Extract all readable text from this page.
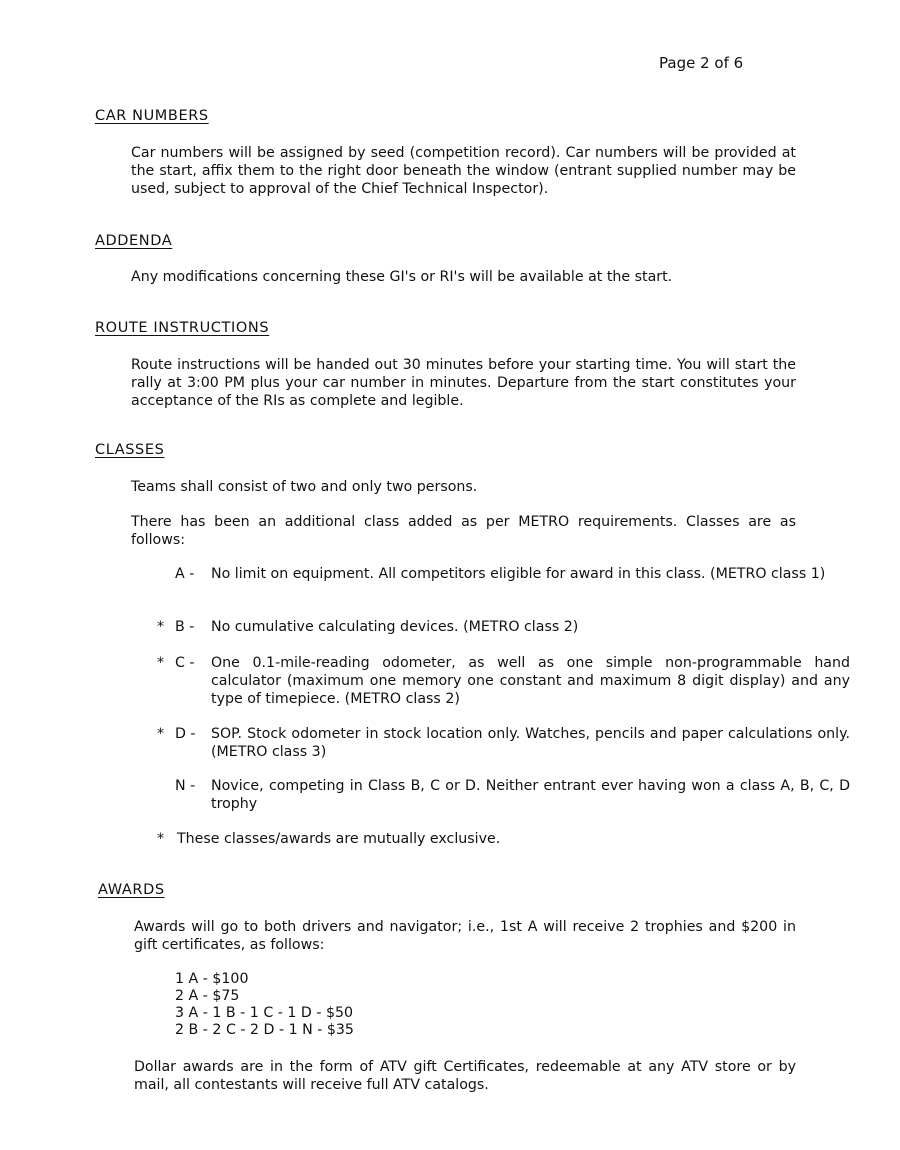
Page 2 of 6
CAR NUMBERS
Car numbers will be assigned by seed (competition record). Car numbers will be provided at the start, affix them to the right door beneath the window (entrant supplied number may be used, subject to approval of the Chief Technical Inspector).
ADDENDA
Any modifications concerning these GI's or RI's will be available at the start.
ROUTE INSTRUCTIONS
Route instructions will be handed out 30 minutes before your starting time. You will start the rally at 3:00 PM plus your car number in minutes. Departure from the start constitutes your acceptance of the RIs as complete and legible.
CLASSES
Teams shall consist of two and only two persons.
There has been an additional class added as per METRO requirements. Classes are as follows:
A - No limit on equipment. All competitors eligible for award in this class. (METRO class 1)
* B - No cumulative calculating devices. (METRO class 2)
* C - One 0.1-mile-reading odometer, as well as one simple non-programmable hand calculator (maximum one memory one constant and maximum 8 digit display) and any type of timepiece. (METRO class 2)
* D - SOP. Stock odometer in stock location only. Watches, pencils and paper calculations only. (METRO class 3)
N - Novice, competing in Class B, C or D. Neither entrant ever having won a class A, B, C, D trophy
* These classes/awards are mutually exclusive.
AWARDS
Awards will go to both drivers and navigator; i.e., 1st A will receive 2 trophies and $200 in gift certificates, as follows:
1 A - $100
2 A - $75
3 A - 1 B - 1 C - 1 D - $50
2 B - 2 C - 2 D - 1 N - $35
Dollar awards are in the form of ATV gift Certificates, redeemable at any ATV store or by mail, all contestants will receive full ATV catalogs.
